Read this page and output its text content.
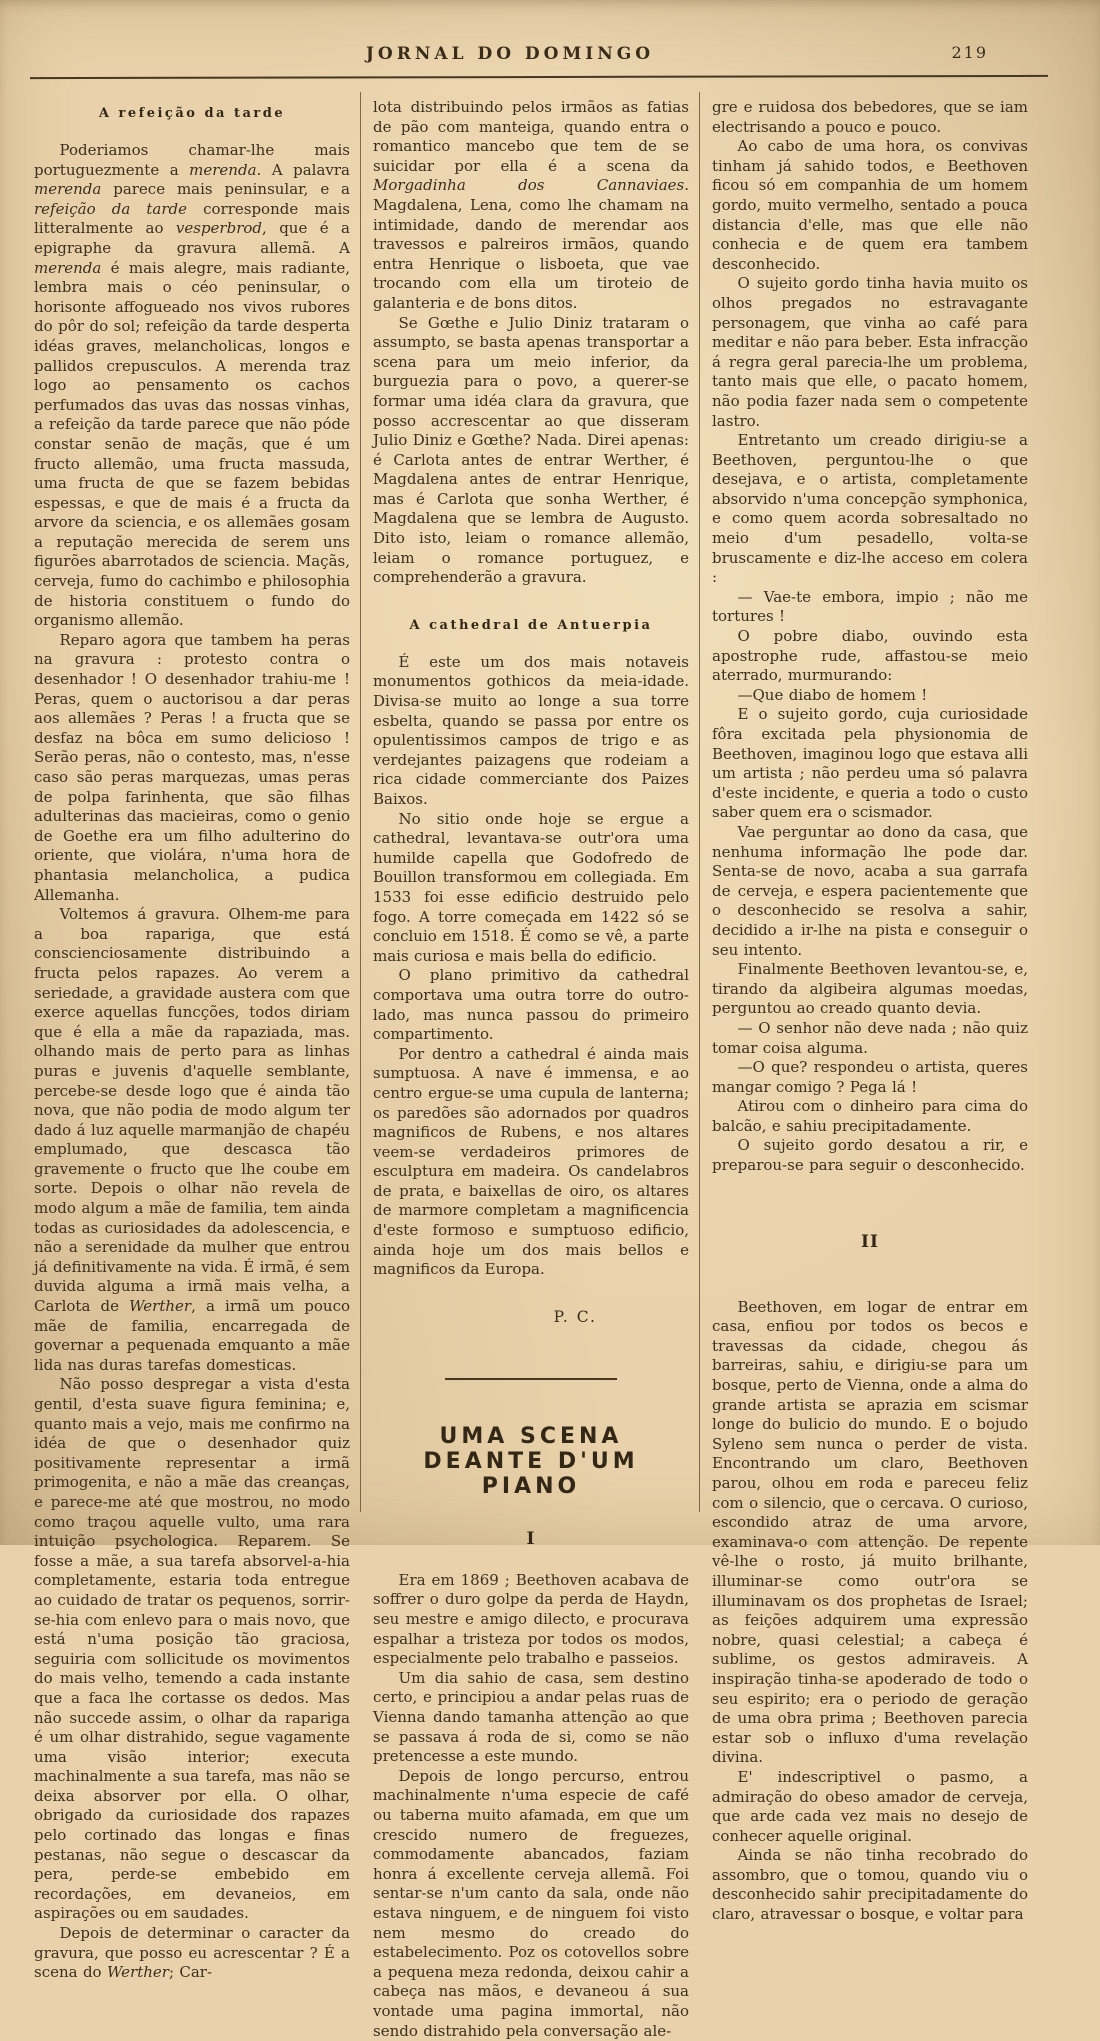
JORNAL DO DOMINGO	219
A refeição da tarde
Poderiamos chamar-lhe mais portuguezmente a merenda. A palavra merenda parece mais peninsular, e a refeição da tarde corresponde mais litteralmente ao vesperbrod, que é a epigraphe da gravura allemã. A merenda é mais alegre, mais radiante, lembra mais o céo peninsular, o horisonte affogueado nos vivos rubores do pôr do sol; refeição da tarde desperta idéas graves, melancholicas, longos e pallidos crepusculos. A merenda traz logo ao pensamento os cachos perfumados das uvas das nossas vinhas, a refeição da tarde parece que não póde constar senão de maçãs, que é um fructo allemão, uma fructa massuda, uma fructa de que se fazem bebidas espessas, e que de mais é a fructa da arvore da sciencia, e os allemães gosam a reputação merecida de serem uns figurões abarrotados de sciencia. Maçãs, cerveja, fumo do cachimbo e philosophia de historia constituem o fundo do organismo allemão.
Reparo agora que tambem ha peras na gravura : protesto contra o desenhador ! O desenhador trahiu-me ! Peras, quem o auctorisou a dar peras aos allemães ? Peras ! a fructa que se desfaz na bôca em sumo delicioso ! Serão peras, não o contesto, mas, n'esse caso são peras marquezas, umas peras de polpa farinhenta, que são filhas adulterinas das macieiras, como o genio de Goethe era um filho adulterino do oriente, que violára, n'uma hora de phantasia melancholica, a pudica Allemanha.
Voltemos á gravura. Olhem-me para a boa rapariga, que está conscienciosamente distribuindo a fructa pelos rapazes. Ao verem a seriedade, a gravidade austera com que exerce aquellas funcções, todos diriam que é ella a mãe da rapaziada, mas. olhando mais de perto para as linhas puras e juvenis d'aquelle semblante, percebe-se desde logo que é ainda tão nova, que não podia de modo algum ter dado á luz aquelle marmanjão de chapéu emplumado, que descasca tão gravemente o fructo que lhe coube em sorte. Depois o olhar não revela de modo algum a mãe de familia, tem ainda todas as curiosidades da adolescencia, e não a serenidade da mulher que entrou já definitivamente na vida. É irmã, é sem duvida alguma a irmã mais velha, a Carlota de Werther, a irmã um pouco mãe de familia, encarregada de governar a pequenada emquanto a mãe lida nas duras tarefas domesticas.
Não posso despregar a vista d'esta gentil, d'esta suave figura feminina; e, quanto mais a vejo, mais me confirmo na idéa de que o desenhador quiz positivamente representar a irmã primogenita, e não a mãe das creanças, e parece-me até que mostrou, no modo como traçou aquelle vulto, uma rara intuição psychologica. Reparem. Se fosse a mãe, a sua tarefa absorvel-a-hia completamente, estaria toda entregue ao cuidado de tratar os pequenos, sorrir-se-hia com enlevo para o mais novo, que está n'uma posição tão graciosa, seguiria com sollicitude os movimentos do mais velho, temendo a cada instante que a faca lhe cortasse os dedos. Mas não succede assim, o olhar da rapariga é um olhar distrahido, segue vagamente uma visão interior; executa machinalmente a sua tarefa, mas não se deixa absorver por ella. O olhar, obrigado da curiosidade dos rapazes pelo cortinado das longas e finas pestanas, não segue o descascar da pera, perde-se embebido em recordações, em devaneios, em aspirações ou em saudades.
Depois de determinar o caracter da gravura, que posso eu acrescentar ? É a scena do Werther; Car-
lota distribuindo pelos irmãos as fatias de pão com manteiga, quando entra o romantico mancebo que tem de se suicidar por ella é a scena da Morgadinha dos Cannaviaes. Magdalena, Lena, como lhe chamam na intimidade, dando de merendar aos travessos e palreiros irmãos, quando entra Henrique o lisboeta, que vae trocando com ella um tiroteio de galanteria e de bons ditos.
Se Gœthe e Julio Diniz trataram o assumpto, se basta apenas transportar a scena para um meio inferior, da burguezia para o povo, a querer-se formar uma idéa clara da gravura, que posso accrescentar ao que disseram Julio Diniz e Gœthe? Nada. Direi apenas: é Carlota antes de entrar Werther, é Magdalena antes de entrar Henrique, mas é Carlota que sonha Werther, é Magdalena que se lembra de Augusto. Dito isto, leiam o romance allemão, leiam o romance portuguez, e comprehenderão a gravura.
A cathedral de Antuerpia
É este um dos mais notaveis monumentos gothicos da meia-idade. Divisa-se muito ao longe a sua torre esbelta, quando se passa por entre os opulentissimos campos de trigo e as verdejantes paizagens que rodeiam a rica cidade commerciante dos Paizes Baixos.
No sitio onde hoje se ergue a cathedral, levantava-se outr'ora uma humilde capella que Godofredo de Bouillon transformou em collegiada. Em 1533 foi esse edificio destruido pelo fogo. A torre começada em 1422 só se concluio em 1518. É como se vê, a parte mais curiosa e mais bella do edificio.
O plano primitivo da cathedral comportava uma outra torre do outro-lado, mas nunca passou do primeiro compartimento.
Por dentro a cathedral é ainda mais sumptuosa. A nave é immensa, e ao centro ergue-se uma cupula de lanterna; os paredões são adornados por quadros magnificos de Rubens, e nos altares veem-se verdadeiros primores de esculptura em madeira. Os candelabros de prata, e baixellas de oiro, os altares de marmore completam a magnificencia d'este formoso e sumptuoso edificio, ainda hoje um dos mais bellos e magnificos da Europa.
P. C.
UMA SCENA DEANTE D'UM PIANO
I
Era em 1869 ; Beethoven acabava de soffrer o duro golpe da perda de Haydn, seu mestre e amigo dilecto, e procurava espalhar a tristeza por todos os modos, especialmente pelo trabalho e passeios.
Um dia sahio de casa, sem destino certo, e principiou a andar pelas ruas de Vienna dando tamanha attenção ao que se passava á roda de si, como se não pretencesse a este mundo.
Depois de longo percurso, entrou machinalmente n'uma especie de café ou taberna muito afamada, em que um crescido numero de freguezes, commodamente abancados, faziam honra á excellente cerveja allemã. Foi sentar-se n'um canto da sala, onde não estava ninguem, e de ninguem foi visto nem mesmo do creado do estabelecimento. Poz os cotovellos sobre a pequena meza redonda, deixou cahir a cabeça nas mãos, e devaneou á sua vontade uma pagina immortal, não sendo distrahido pela conversação ale-
gre e ruidosa dos bebedores, que se iam electrisando a pouco e pouco.
Ao cabo de uma hora, os convivas tinham já sahido todos, e Beethoven ficou só em companhia de um homem gordo, muito vermelho, sentado a pouca distancia d'elle, mas que elle não conhecia e de quem era tambem desconhecido.
O sujeito gordo tinha havia muito os olhos pregados no estravagante personagem, que vinha ao café para meditar e não para beber. Esta infracção á regra geral parecia-lhe um problema, tanto mais que elle, o pacato homem, não podia fazer nada sem o competente lastro.
Entretanto um creado dirigiu-se a Beethoven, perguntou-lhe o que desejava, e o artista, completamente absorvido n'uma concepção symphonica, e como quem acorda sobresaltado no meio d'um pesadello, volta-se bruscamente e diz-lhe acceso em colera :
— Vae-te embora, impio ; não me tortures !
O pobre diabo, ouvindo esta apostrophe rude, affastou-se meio aterrado, murmurando:
—Que diabo de homem !
E o sujeito gordo, cuja curiosidade fôra excitada pela physionomia de Beethoven, imaginou logo que estava alli um artista ; não perdeu uma só palavra d'este incidente, e queria a todo o custo saber quem era o scismador.
Vae perguntar ao dono da casa, que nenhuma informação lhe pode dar. Senta-se de novo, acaba a sua garrafa de cerveja, e espera pacientemente que o desconhecido se resolva a sahir, decidido a ir-lhe na pista e conseguir o seu intento.
Finalmente Beethoven levantou-se, e, tirando da algibeira algumas moedas, perguntou ao creado quanto devia.
— O senhor não deve nada ; não quiz tomar coisa alguma.
—O que? respondeu o artista, queres mangar comigo ? Pega lá !
Atirou com o dinheiro para cima do balcão, e sahiu precipitadamente.
O sujeito gordo desatou a rir, e preparou-se para seguir o desconhecido.
II
Beethoven, em logar de entrar em casa, enfiou por todos os becos e travessas da cidade, chegou ás barreiras, sahiu, e dirigiu-se para um bosque, perto de Vienna, onde a alma do grande artista se aprazia em scismar longe do bulicio do mundo. E o bojudo Syleno sem nunca o perder de vista. Encontrando um claro, Beethoven parou, olhou em roda e pareceu feliz com o silencio, que o cercava. O curioso, escondido atraz de uma arvore, examinava-o com attenção. De repente vê-lhe o rosto, já muito brilhante, illuminar-se como outr'ora se illuminavam os dos prophetas de Israel; as feições adquirem uma expressão nobre, quasi celestial; a cabeça é sublime, os gestos admiraveis. A inspiração tinha-se apoderado de todo o seu espirito; era o periodo de geração de uma obra prima ; Beethoven parecia estar sob o influxo d'uma revelação divina.
E' indescriptivel o pasmo, a admiração do obeso amador de cerveja, que arde cada vez mais no desejo de conhecer aquelle original.
Ainda se não tinha recobrado do assombro, que o tomou, quando viu o desconhecido sahir precipitadamente do claro, atravessar o bosque, e voltar para
